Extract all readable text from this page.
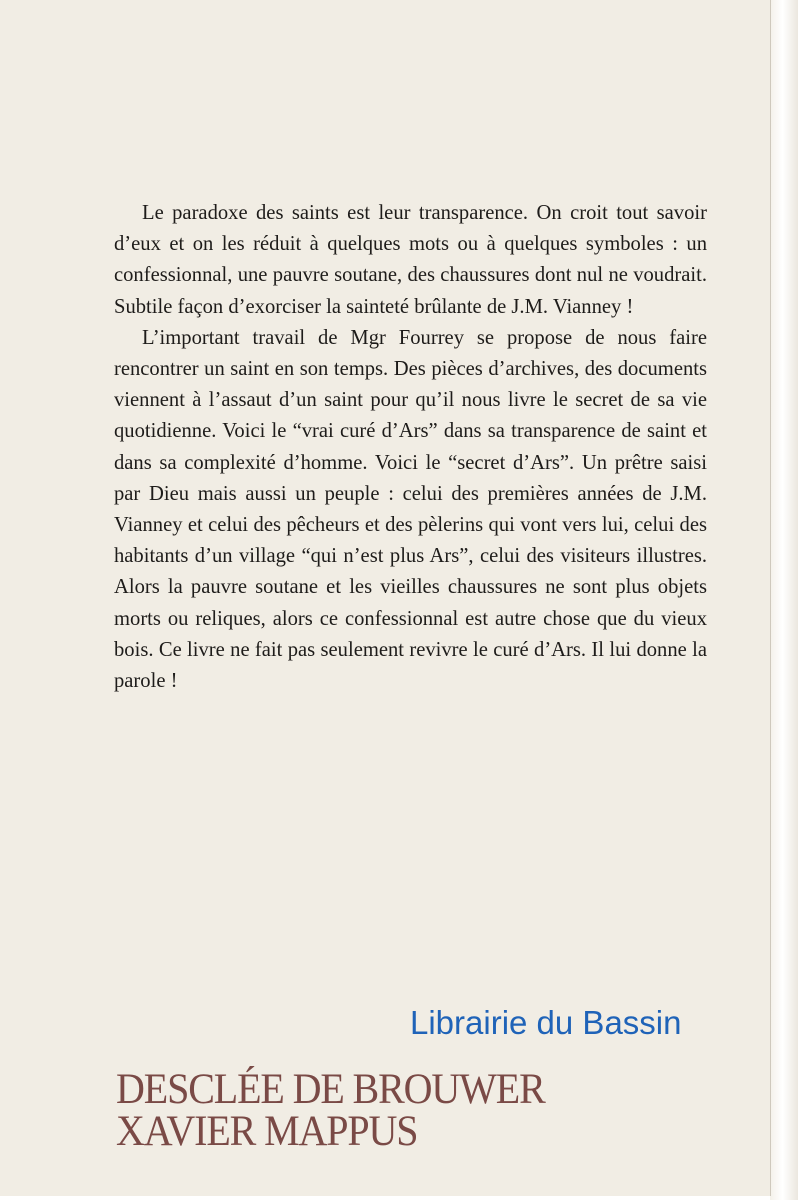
Le paradoxe des saints est leur transparence. On croit tout savoir d’eux et on les réduit à quelques mots ou à quelques symboles : un confessionnal, une pauvre soutane, des chaussures dont nul ne voudrait. Subtile façon d’exorciser la sainteté brûlante de J.M. Vianney !

L’important travail de Mgr Fourrey se propose de nous faire rencontrer un saint en son temps. Des pièces d’archives, des documents viennent à l’assaut d’un saint pour qu’il nous livre le secret de sa vie quotidienne. Voici le “vrai curé d’Ars” dans sa transparence de saint et dans sa complexité d’homme. Voici le “secret d’Ars”. Un prêtre saisi par Dieu mais aussi un peuple : celui des premières années de J.M. Vianney et celui des pêcheurs et des pèlerins qui vont vers lui, celui des habitants d’un village “qui n’est plus Ars”, celui des visiteurs illustres. Alors la pauvre soutane et les vieilles chaussures ne sont plus objets morts ou reliques, alors ce confessionnal est autre chose que du vieux bois. Ce livre ne fait pas seulement revivre le curé d’Ars. Il lui donne la parole !

Librairie du Bassin
DESCLÉE DE BROUWER
XAVIER MAPPUS
